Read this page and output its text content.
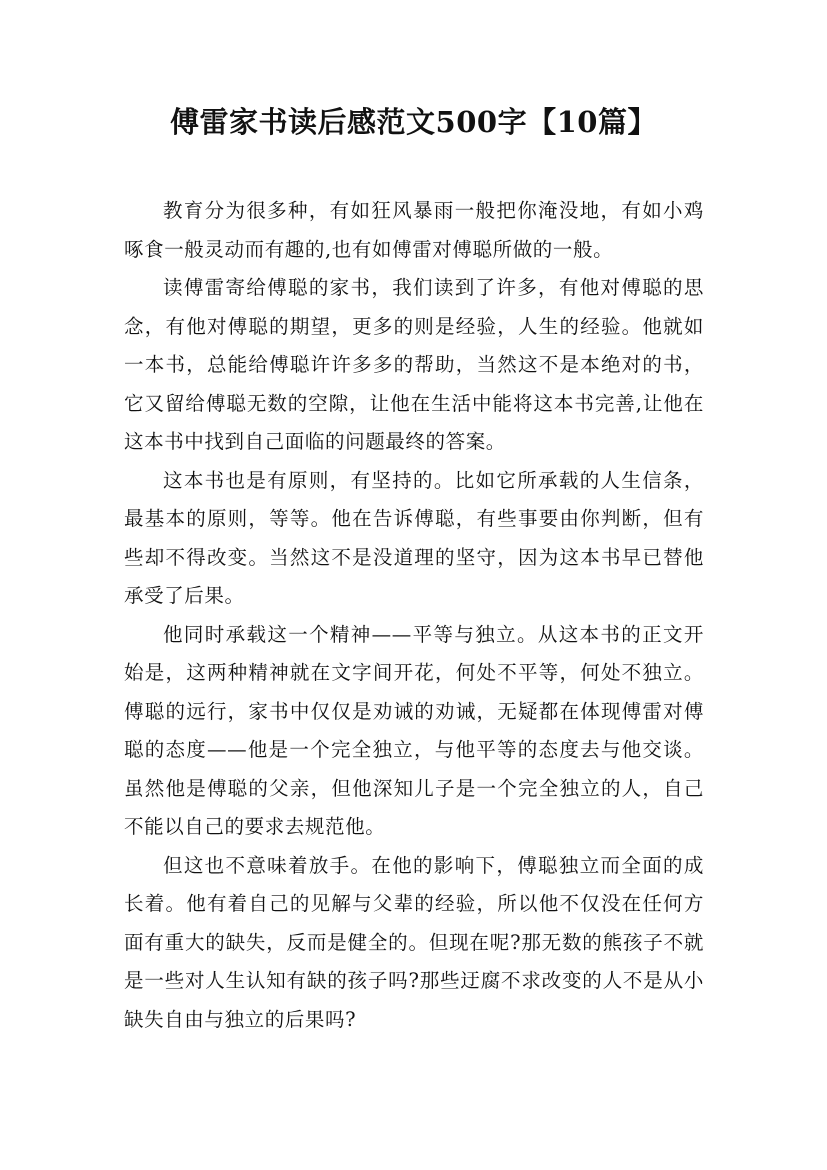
傅雷家书读后感范文500字【10篇】

教育分为很多种，有如狂风暴雨一般把你淹没地，有如小鸡啄食一般灵动而有趣的,也有如傅雷对傅聪所做的一般。

读傅雷寄给傅聪的家书，我们读到了许多，有他对傅聪的思念，有他对傅聪的期望，更多的则是经验，人生的经验。他就如一本书，总能给傅聪许许多多的帮助，当然这不是本绝对的书，它又留给傅聪无数的空隙，让他在生活中能将这本书完善,让他在这本书中找到自己面临的问题最终的答案。

这本书也是有原则，有坚持的。比如它所承载的人生信条，最基本的原则，等等。他在告诉傅聪，有些事要由你判断，但有些却不得改变。当然这不是没道理的坚守，因为这本书早已替他承受了后果。

他同时承载这一个精神——平等与独立。从这本书的正文开始是，这两种精神就在文字间开花，何处不平等，何处不独立。傅聪的远行，家书中仅仅是劝诫的劝诫，无疑都在体现傅雷对傅聪的态度——他是一个完全独立，与他平等的态度去与他交谈。虽然他是傅聪的父亲，但他深知儿子是一个完全独立的人，自己不能以自己的要求去规范他。

但这也不意味着放手。在他的影响下，傅聪独立而全面的成长着。他有着自己的见解与父辈的经验，所以他不仅没在任何方面有重大的缺失，反而是健全的。但现在呢?那无数的熊孩子不就是一些对人生认知有缺的孩子吗?那些迂腐不求改变的人不是从小缺失自由与独立的后果吗?
